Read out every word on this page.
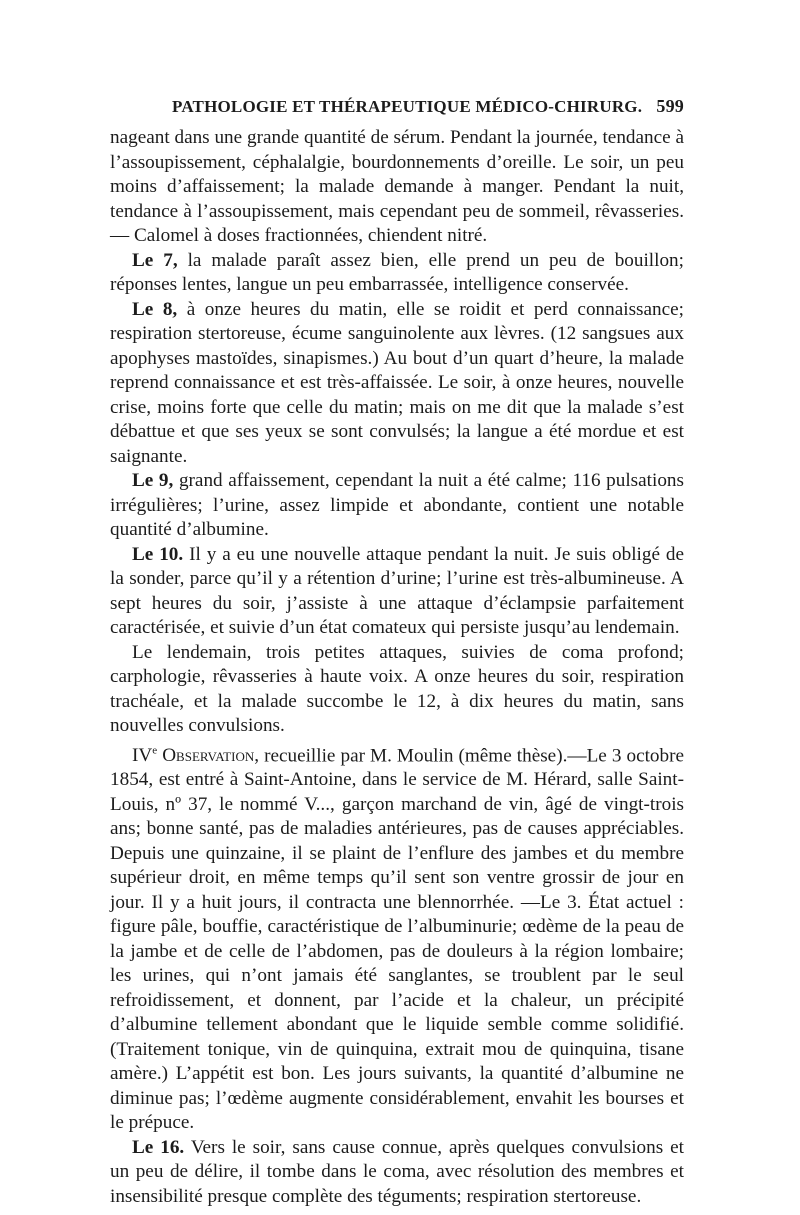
PATHOLOGIE ET THÉRAPEUTIQUE MÉDICO-CHIRURG. 599

nageant dans une grande quantité de sérum. Pendant la journée, tendance à l’assoupissement, céphalalgie, bourdonnements d’oreille. Le soir, un peu moins d’affaissement; la malade demande à manger. Pendant la nuit, tendance à l’assoupissement, mais cependant peu de sommeil, rêvasseries. — Calomel à doses fractionnées, chiendent nitré.

Le 7, la malade paraît assez bien, elle prend un peu de bouillon; réponses lentes, langue un peu embarrassée, intelligence conservée.

Le 8, à onze heures du matin, elle se roidit et perd connaissance; respiration stertoreuse, écume sanguinolente aux lèvres. (12 sangsues aux apophyses mastoïdes, sinapismes.) Au bout d’un quart d’heure, la malade reprend connaissance et est très-affaissée. Le soir, à onze heures, nouvelle crise, moins forte que celle du matin; mais on me dit que la malade s’est débattue et que ses yeux se sont convulsés; la langue a été mordue et est saignante.

Le 9, grand affaissement, cependant la nuit a été calme; 116 pulsations irrégulières; l’urine, assez limpide et abondante, contient une notable quantité d’albumine.

Le 10. Il y a eu une nouvelle attaque pendant la nuit. Je suis obligé de la sonder, parce qu’il y a rétention d’urine; l’urine est très-albumineuse. A sept heures du soir, j’assiste à une attaque d’éclampsie parfaitement caractérisée, et suivie d’un état comateux qui persiste jusqu’au lendemain.

Le lendemain, trois petites attaques, suivies de coma profond; carphologie, rêvasseries à haute voix. A onze heures du soir, respiration trachéale, et la malade succombe le 12, à dix heures du matin, sans nouvelles convulsions.

IVe Observation, recueillie par M. Moulin (même thèse).—Le 3 octobre 1854, est entré à Saint-Antoine, dans le service de M. Hérard, salle Saint-Louis, nº 37, le nommé V..., garçon marchand de vin, âgé de vingt-trois ans; bonne santé, pas de maladies antérieures, pas de causes appréciables. Depuis une quinzaine, il se plaint de l’enflure des jambes et du membre supérieur droit, en même temps qu’il sent son ventre grossir de jour en jour. Il y a huit jours, il contracta une blennorrhée. —Le 3. État actuel : figure pâle, bouffie, caractéristique de l’albuminurie; œdème de la peau de la jambe et de celle de l’abdomen, pas de douleurs à la région lombaire; les urines, qui n’ont jamais été sanglantes, se troublent par le seul refroidissement, et donnent, par l’acide et la chaleur, un précipité d’albumine tellement abondant que le liquide semble comme solidifié. (Traitement tonique, vin de quinquina, extrait mou de quinquina, tisane amère.) L’appétit est bon. Les jours suivants, la quantité d’albumine ne diminue pas; l’œdème augmente considérablement, envahit les bourses et le prépuce.

Le 16. Vers le soir, sans cause connue, après quelques convulsions et un peu de délire, il tombe dans le coma, avec résolution des membres et insensibilité presque complète des téguments; respiration stertoreuse.
